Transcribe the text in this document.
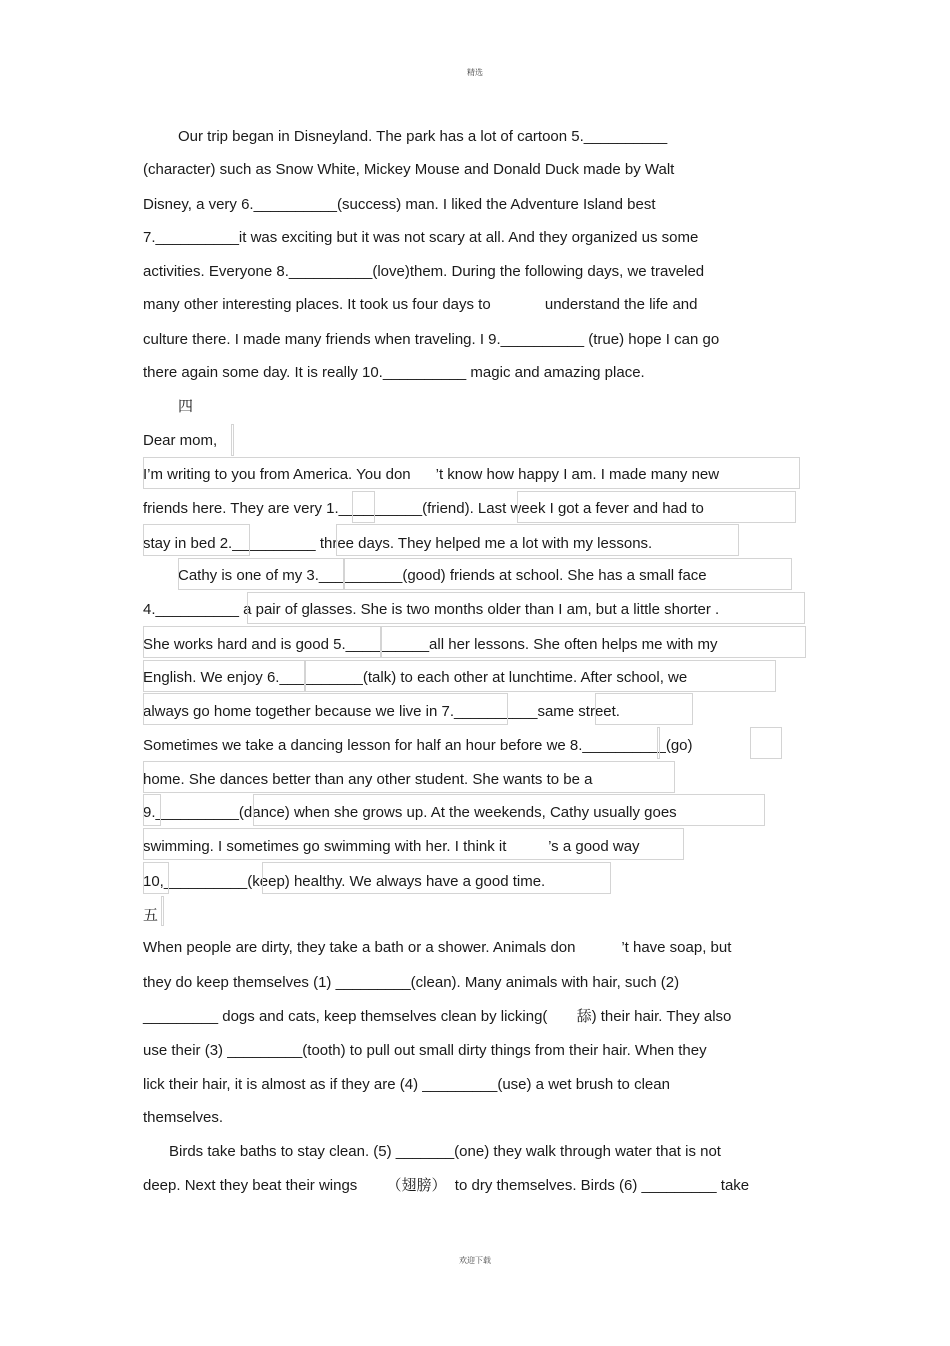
精选
Our trip began in Disneyland. The park has a lot of cartoon 5.__________
(character) such as Snow White, Mickey Mouse and Donald Duck made by Walt
Disney, a very 6.__________(success) man. I liked the Adventure Island best
7.__________it was exciting but it was not scary at all. And they organized us some
activities. Everyone 8.__________(love)them. During the following days, we traveled
many other interesting places. It took us four days to             understand the life and
culture there. I made many friends when traveling. I 9.__________ (true) hope I can go
there again some day. It is really 10.__________ magic and amazing place.
四
Dear mom,
I’m writing to you from America. You don      ’t know how happy I am. I made many new
friends here. They are very 1.__________(friend). Last week I got a fever and had to
stay in bed 2.__________ three days. They helped me a lot with my lessons.
Cathy is one of my 3.__________(good) friends at school. She has a small face
4.__________ a pair of glasses. She is two months older than I am, but a little shorter .
She works hard and is good 5.__________all her lessons. She often helps me with my
English. We enjoy 6.__________(talk) to each other at lunchtime. After school, we
always go home together because we live in 7.__________same street.
Sometimes we take a dancing lesson for half an hour before we 8.__________(go)
home. She dances better than any other student. She wants to be a
9.__________(dance) when she grows up. At the weekends, Cathy usually goes
swimming. I sometimes go swimming with her. I think it          ’s a good way
10,__________(keep) healthy. We always have a good time.
五
When people are dirty, they take a bath or a shower. Animals don           ’t have soap, but
they do keep themselves (1) _________(clean). Many animals with hair, such (2)
_________ dogs and cats, keep themselves clean by licking(       舔) their hair. They also
use their (3) _________(tooth) to pull out small dirty things from their hair. When they
lick their hair, it is almost as if they are (4) _________(use) a wet brush to clean
themselves.
Birds take baths to stay clean. (5) _______(one) they walk through water that is not
deep. Next they beat their wings       （翅膀）  to dry themselves. Birds (6) _________ take
欢迎下载
